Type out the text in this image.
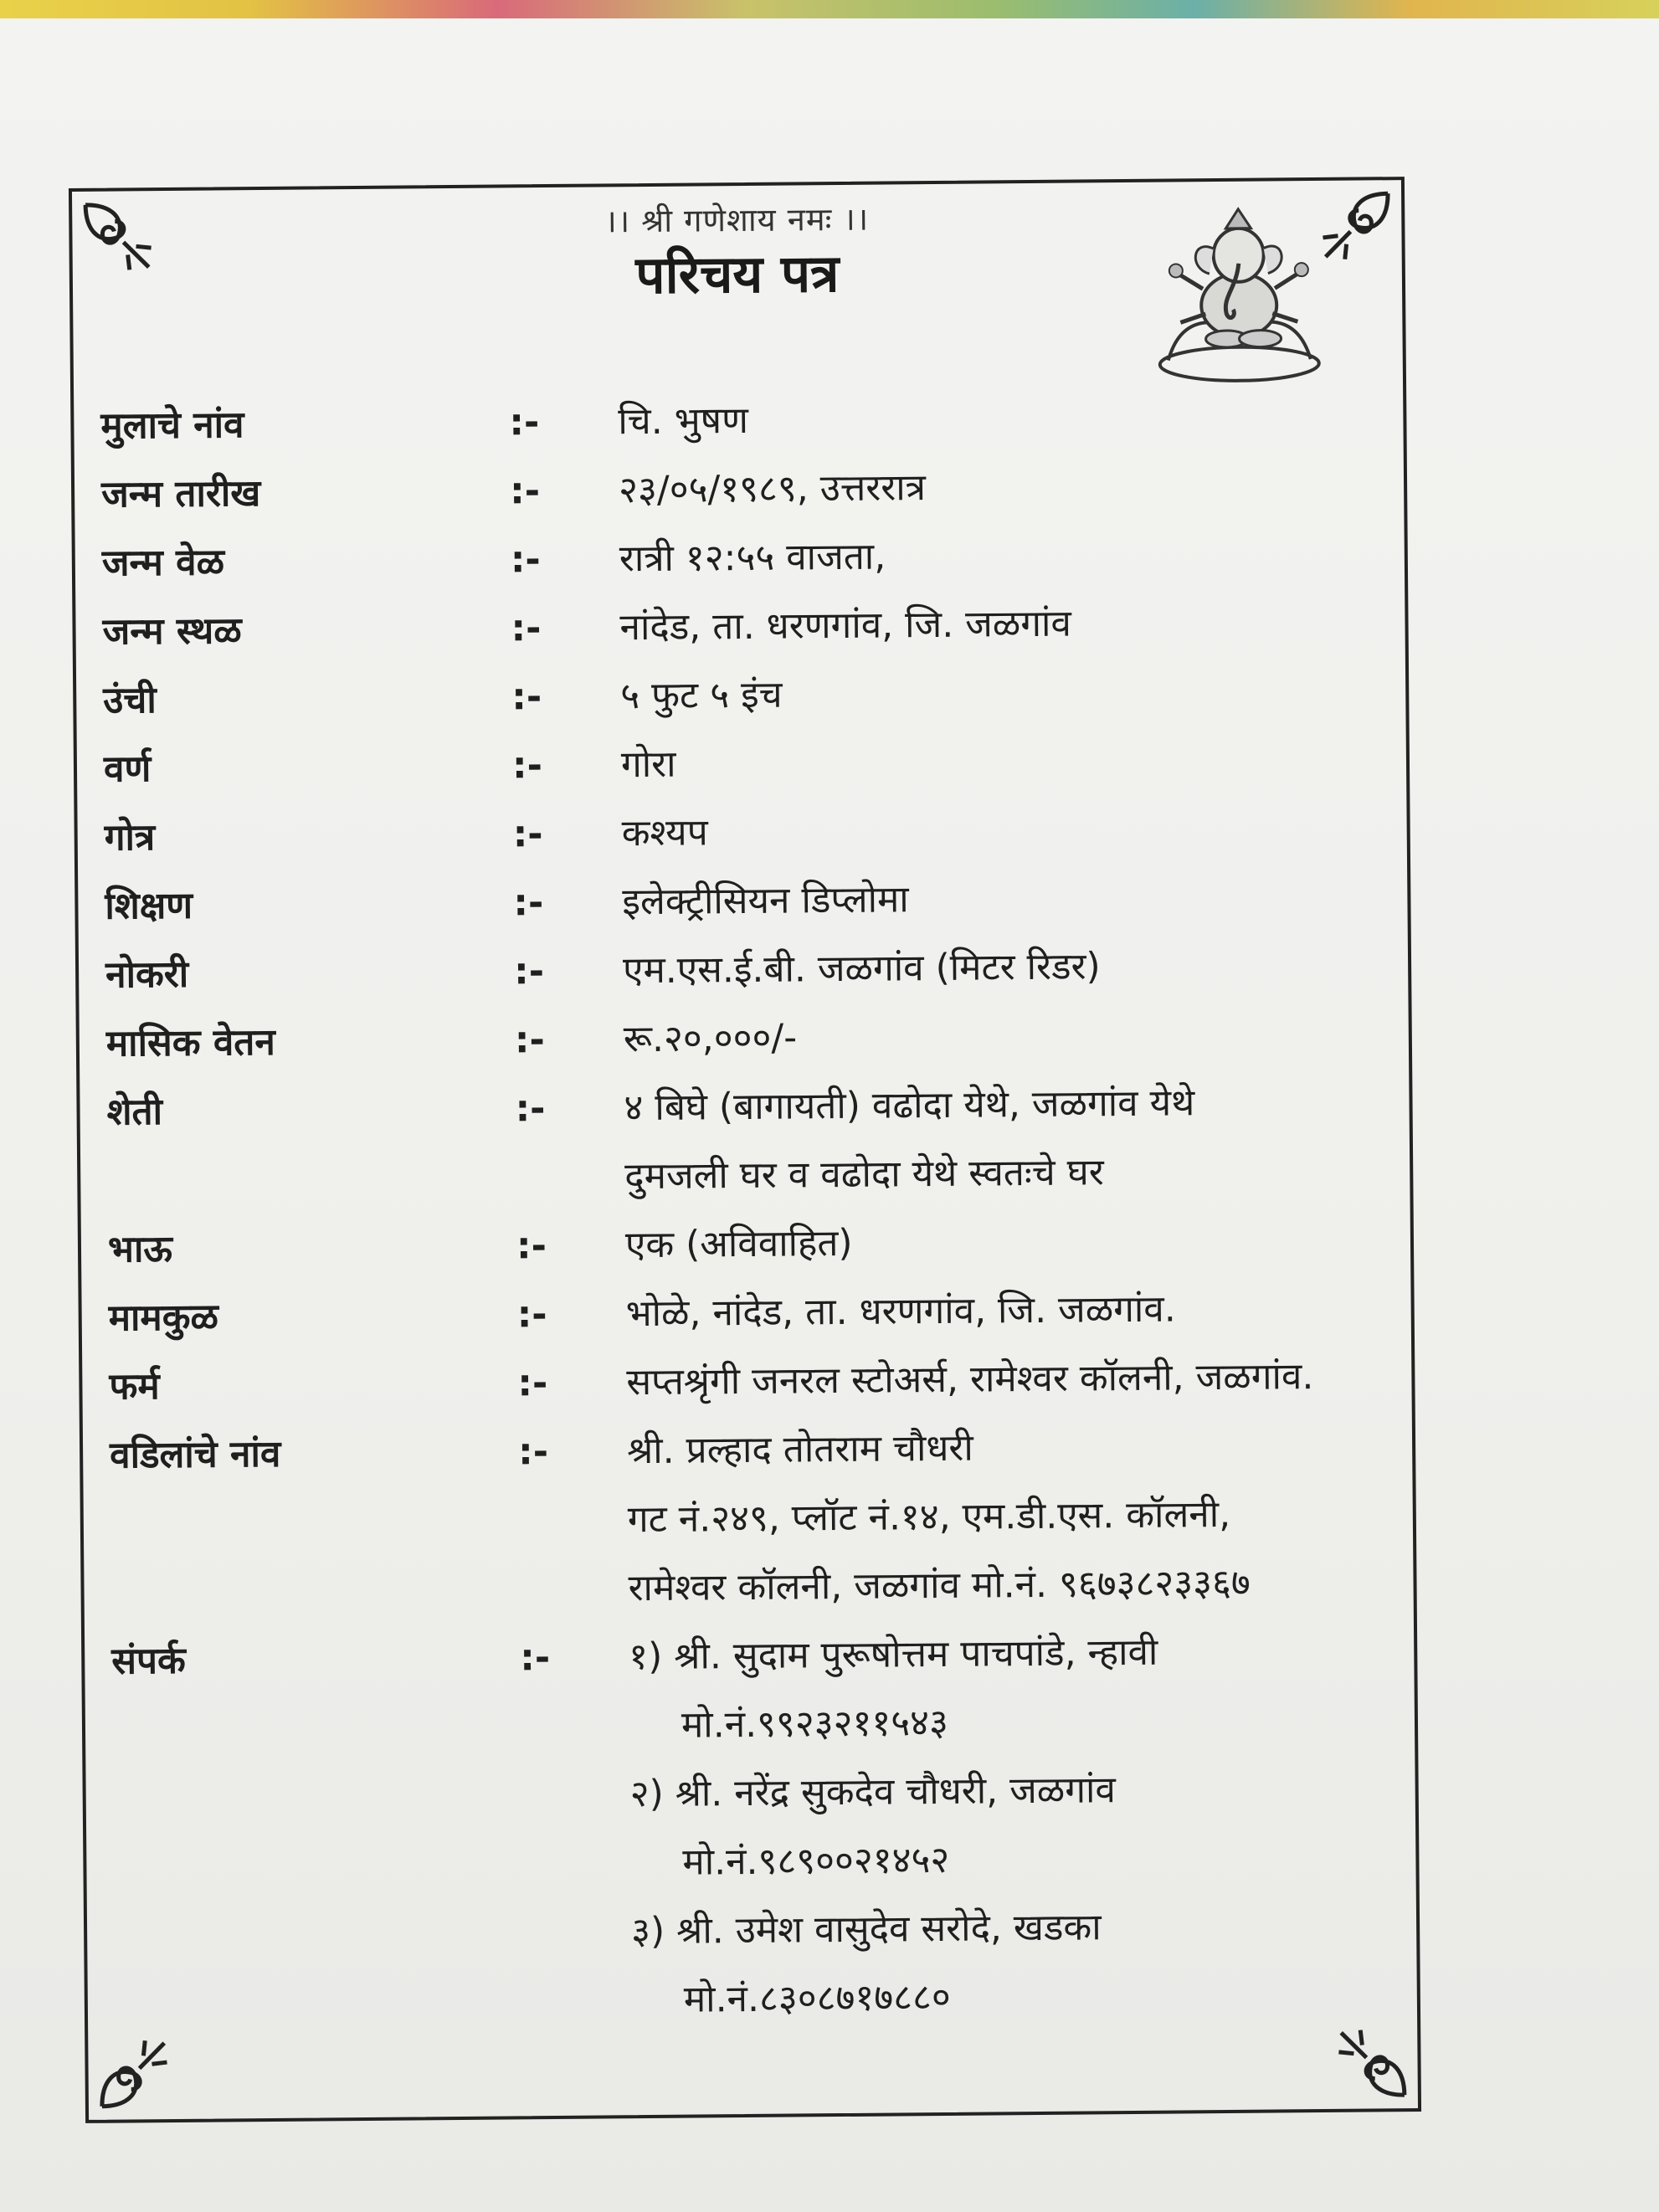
।। श्री गणेशाय नमः ।।
परिचय पत्र
मुलाचे नांव	:-	चि. भुषण
जन्म तारीख	:-	२३/०५/१९८९, उत्तररात्र
जन्म वेळ	:-	रात्री १२:५५ वाजता,
जन्म स्थळ	:-	नांदेड, ता. धरणगांव, जि. जळगांव
उंची	:-	५ फुट ५ इंच
वर्ण	:-	गोरा
गोत्र	:-	कश्यप
शिक्षण	:-	इलेक्ट्रीसियन डिप्लोमा
नोकरी	:-	एम.एस.ई.बी. जळगांव (मिटर रिडर)
मासिक वेतन	:-	रू.२०,०००/-
शेती	:-	४ बिघे (बागायती) वढोदा येथे, जळगांव येथे
दुमजली घर व वढोदा येथे स्वतःचे घर
भाऊ	:-	एक (अविवाहित)
मामकुळ	:-	भोळे, नांदेड, ता. धरणगांव, जि. जळगांव.
फर्म	:-	सप्तश्रृंगी जनरल स्टोअर्स, रामेश्वर कॉलनी, जळगांव.
वडिलांचे नांव	:-	श्री. प्रल्हाद तोतराम चौधरी
गट नं.२४९, प्लॉट नं.१४, एम.डी.एस. कॉलनी,
रामेश्वर कॉलनी, जळगांव मो.नं. ९६७३८२३३६७
संपर्क	:-	१) श्री. सुदाम पुरूषोत्तम पाचपांडे, न्हावी
मो.नं.९९२३२११५४३
२) श्री. नरेंद्र सुकदेव चौधरी, जळगांव
मो.नं.९८९००२१४५२
३) श्री. उमेश वासुदेव सरोदे, खडका
मो.नं.८३०८७१७८८०
